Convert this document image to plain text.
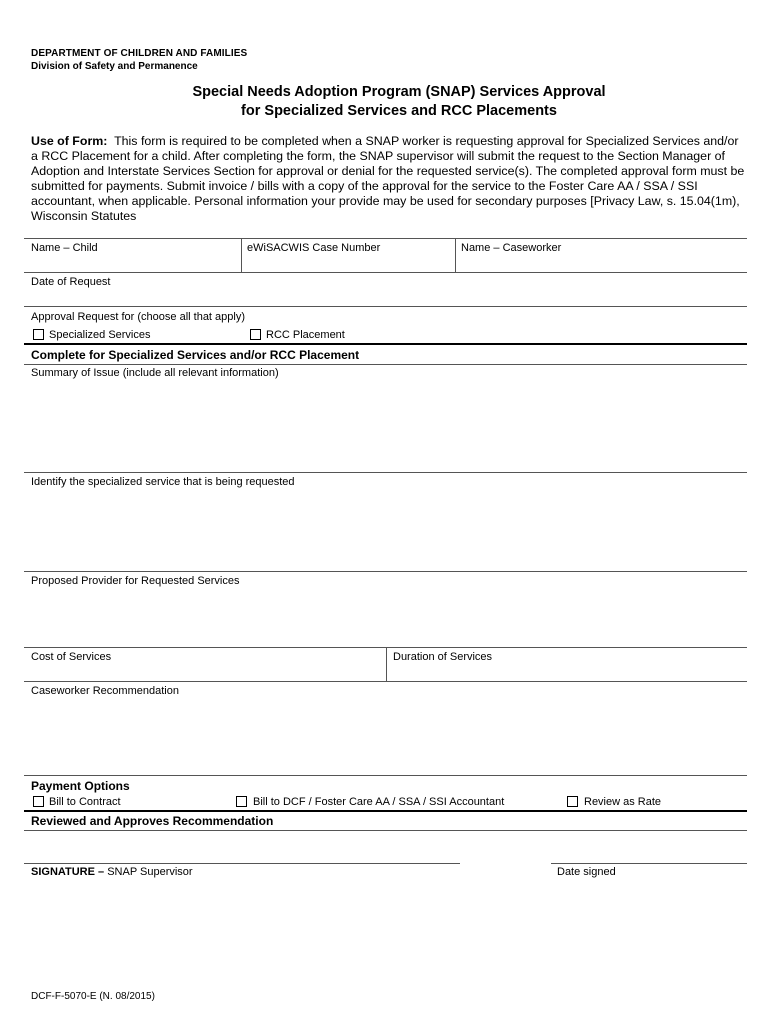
DEPARTMENT OF CHILDREN AND FAMILIES
Division of Safety and Permanence
Special Needs Adoption Program (SNAP) Services Approval
for Specialized Services and RCC Placements
Use of Form: This form is required to be completed when a SNAP worker is requesting approval for Specialized Services and/or a RCC Placement for a child. After completing the form, the SNAP supervisor will submit the request to the Section Manager of Adoption and Interstate Services Section for approval or denial for the requested service(s). The completed approval form must be submitted for payments. Submit invoice / bills with a copy of the approval for the service to the Foster Care AA / SSA / SSI accountant, when applicable. Personal information your provide may be used for secondary purposes [Privacy Law, s. 15.04(1m), Wisconsin Statutes
Name – Child	eWiSACWIS Case Number	Name – Caseworker
Date of Request
Approval Request for (choose all that apply)
Specialized Services	RCC Placement
Complete for Specialized Services and/or RCC Placement
Summary of Issue (include all relevant information)
Identify the specialized service that is being requested
Proposed Provider for Requested Services
Cost of Services	Duration of Services
Caseworker Recommendation
Payment Options
Bill to Contract	Bill to DCF / Foster Care AA / SSA / SSI Accountant	Review as Rate
Reviewed and Approves Recommendation
SIGNATURE – SNAP Supervisor	Date signed
DCF-F-5070-E (N. 08/2015)
